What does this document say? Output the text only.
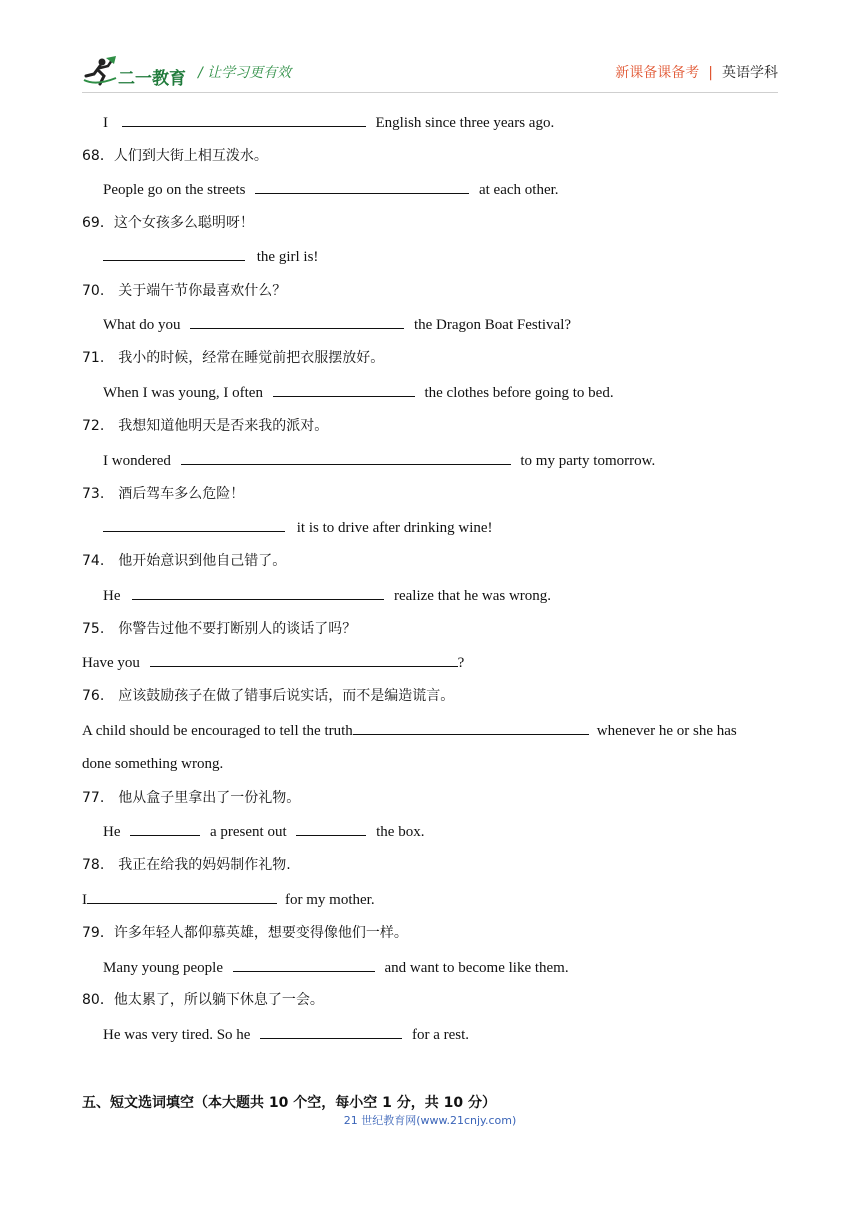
二一教育 / 让学习更有效	新课备课备考 | 英语学科
I	English since three years ago.
68．人们到大街上相互泼水。
People go on the streets	at each other.
69．这个女孩多么聪明呀！
the girl is!
70.　关于端午节你最喜欢什么？
What do you	the Dragon Boat Festival?
71.　我小的时候，经常在睡觉前把衣服摆放好。
When I was young, I often	the clothes before going to bed.
72.　我想知道他明天是否来我的派对。
I wondered	to my party tomorrow.
73.　酒后驾车多么危险！
it is to drive after drinking wine!
74.　他开始意识到他自己错了。
He	realize that he was wrong.
75.　你警告过他不要打断别人的谈话了吗？
Have you	?
76.　应该鼓励孩子在做了错事后说实话，而不是编造谎言。
A child should be encouraged to tell the truth	whenever he or she has
done something wrong.
77.　他从盒子里拿出了一份礼物。
He	a present out	the box.
78.　我正在给我的妈妈制作礼物.
I	for my mother.
79．许多年轻人都仰慕英雄，想要变得像他们一样。
Many young people	and want to become like them.
80．他太累了，所以躺下休息了一会。
He was very tired. So he	for a rest.
五、短文选词填空（本大题共 10 个空，每小空 1 分，共 10 分）
21 世纪教育网(www.21cnjy.com)
